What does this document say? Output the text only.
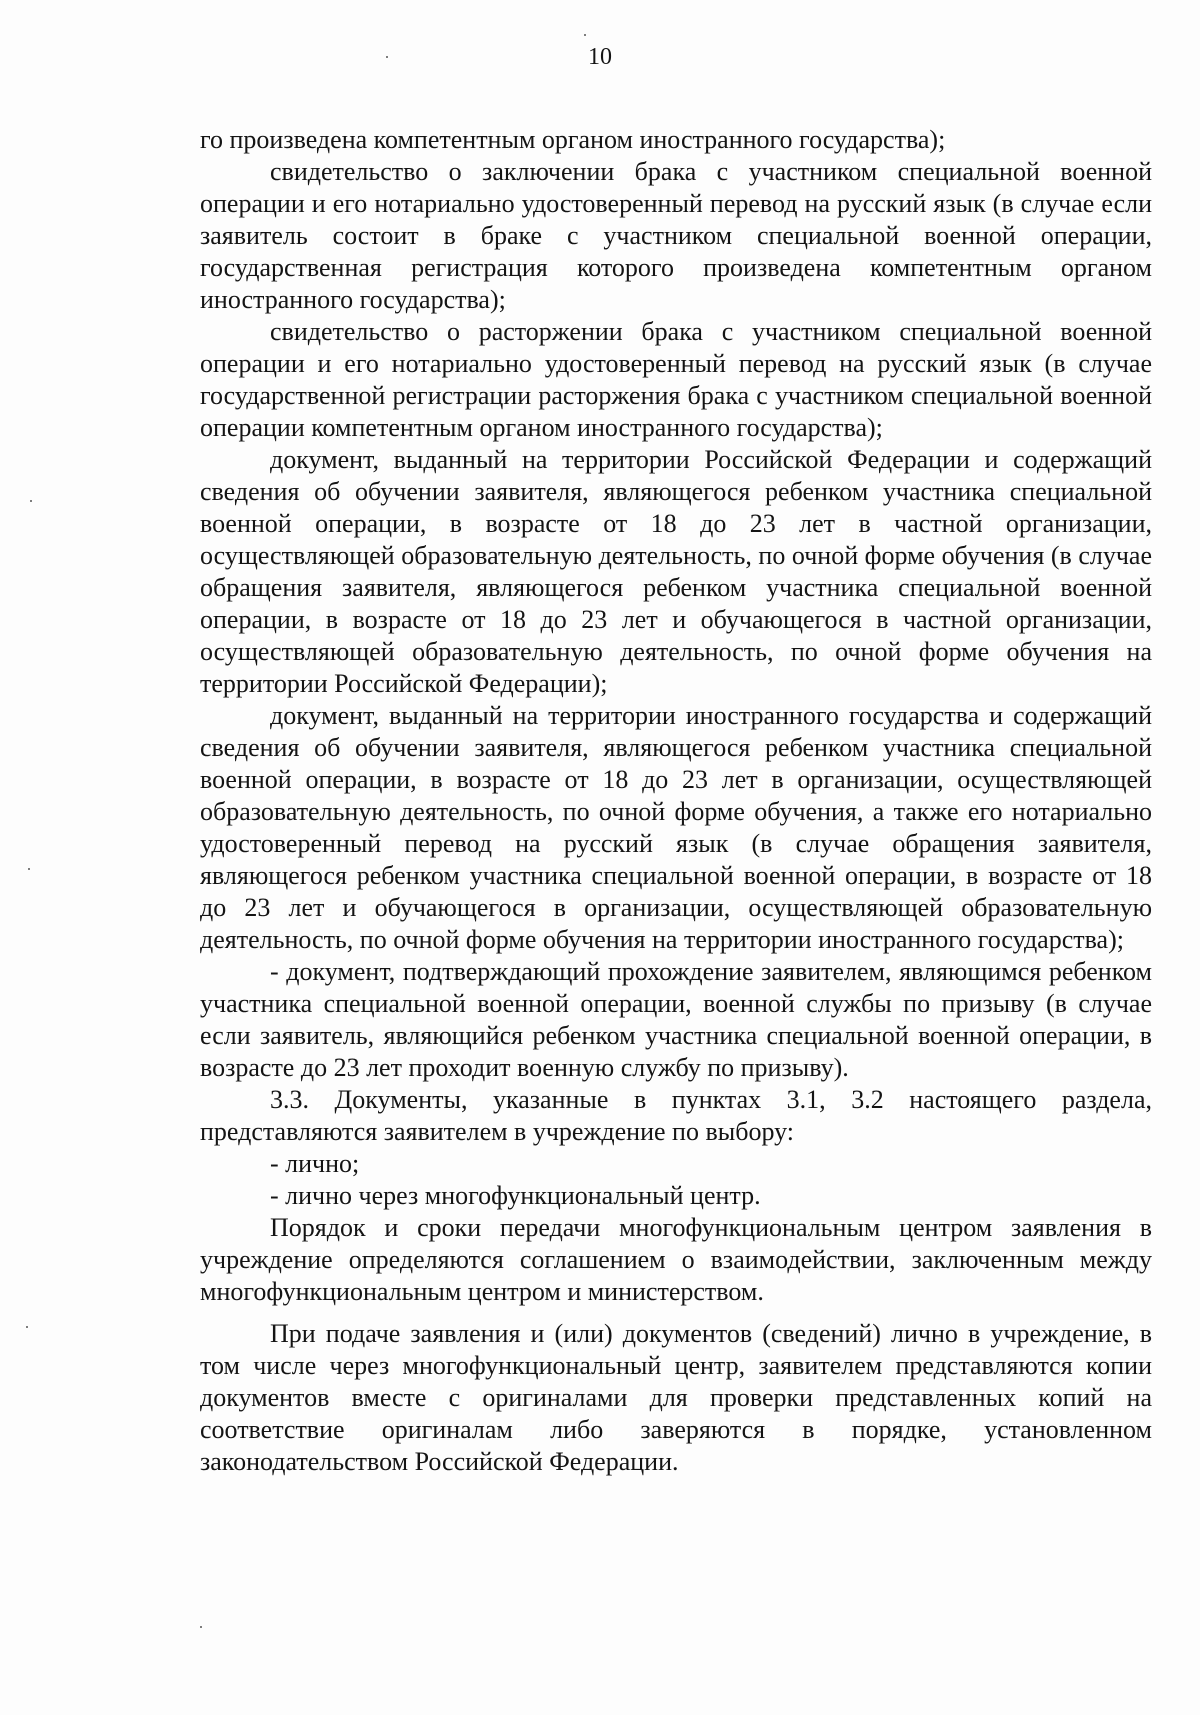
10

го произведена компетентным органом иностранного государства);

свидетельство о заключении брака с участником специальной военной операции и его нотариально удостоверенный перевод на русский язык (в случае если заявитель состоит в браке с участником специальной военной операции, государственная регистрация которого произведена компетентным органом иностранного государства);

свидетельство о расторжении брака с участником специальной военной операции и его нотариально удостоверенный перевод на русский язык (в случае государственной регистрации расторжения брака с участником специальной военной операции компетентным органом иностранного государства);

документ, выданный на территории Российской Федерации и содержащий сведения об обучении заявителя, являющегося ребенком участника специальной военной операции, в возрасте от 18 до 23 лет в частной организации, осуществляющей образовательную деятельность, по очной форме обучения (в случае обращения заявителя, являющегося ребенком участника специальной военной операции, в возрасте от 18 до 23 лет и обучающегося в частной организации, осуществляющей образовательную деятельность, по очной форме обучения на территории Российской Федерации);

документ, выданный на территории иностранного государства и содержащий сведения об обучении заявителя, являющегося ребенком участника специальной военной операции, в возрасте от 18 до 23 лет в организации, осуществляющей образовательную деятельность, по очной форме обучения, а также его нотариально удостоверенный перевод на русский язык (в случае обращения заявителя, являющегося ребенком участника специальной военной операции, в возрасте от 18 до 23 лет и обучающегося в организации, осуществляющей образовательную деятельность, по очной форме обучения на территории иностранного государства);

- документ, подтверждающий прохождение заявителем, являющимся ребенком участника специальной военной операции, военной службы по призыву (в случае если заявитель, являющийся ребенком участника специальной военной операции, в возрасте до 23 лет проходит военную службу по призыву).

3.3. Документы, указанные в пунктах 3.1, 3.2 настоящего раздела, представляются заявителем в учреждение по выбору:

- лично;

- лично через многофункциональный центр.

Порядок и сроки передачи многофункциональным центром заявления в учреждение определяются соглашением о взаимодействии, заключенным между многофункциональным центром и министерством.

При подаче заявления и (или) документов (сведений) лично в учреждение, в том числе через многофункциональный центр, заявителем представляются копии документов вместе с оригиналами для проверки представленных копий на соответствие оригиналам либо заверяются в порядке, установленном законодательством Российской Федерации.
